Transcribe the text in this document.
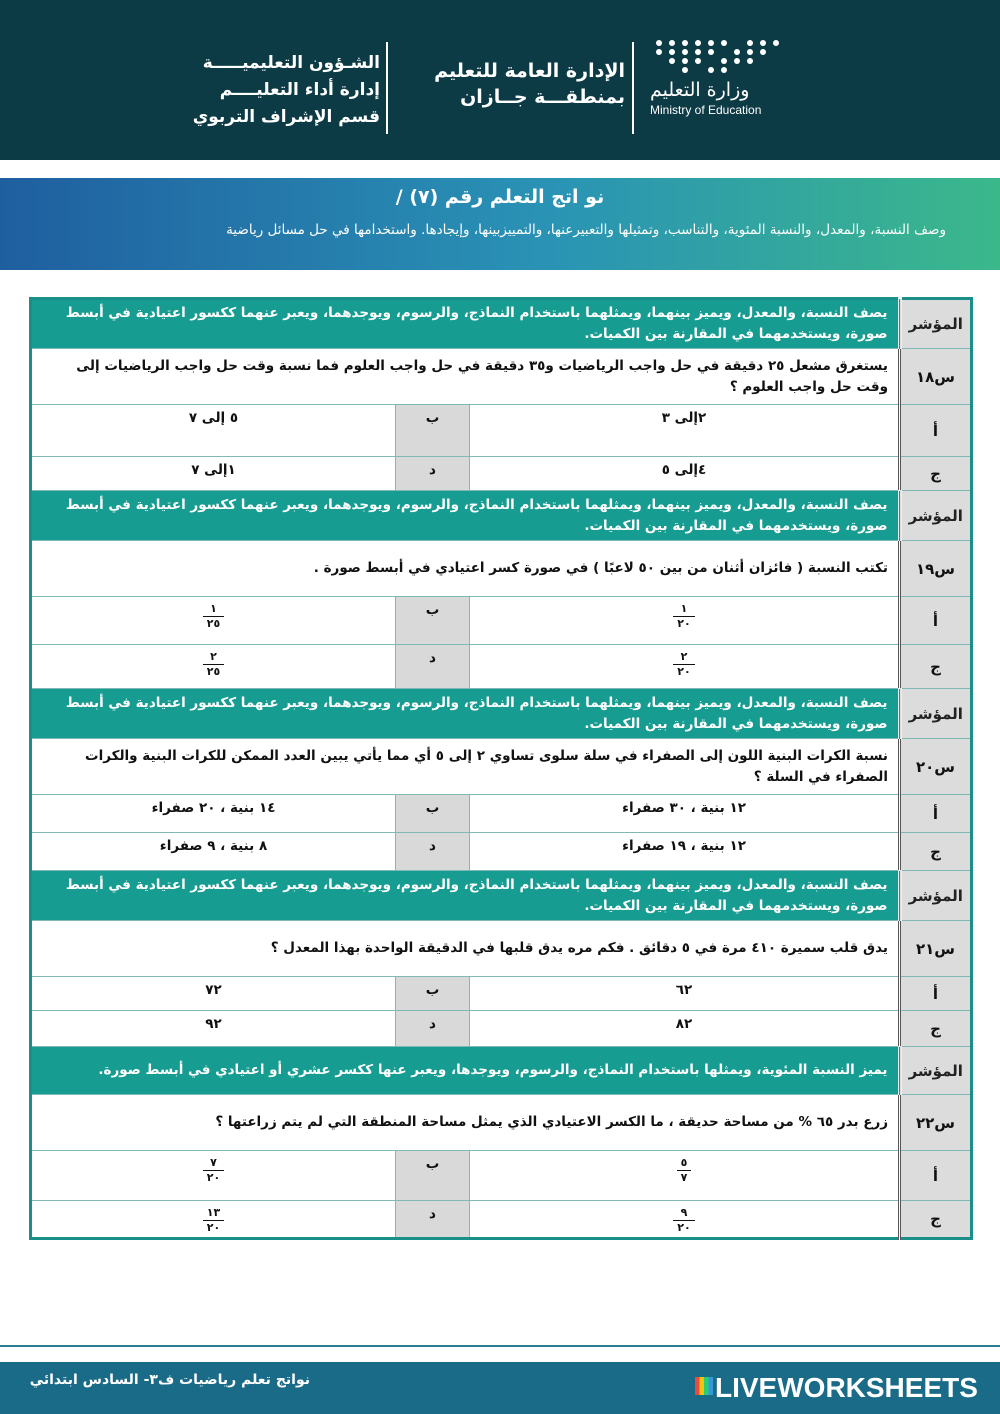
وزارة التعليم
Ministry of Education
الإدارة العامة للتعليم
بمنطقـــة جــازان
الشـؤون التعليميـــــة
إدارة أداء التعليــــم
قسم الإشراف التربوي
نو اتج التعلم رقم (٧) /
وصف النسبة، والمعدل، والنسبة المئوية، والتناسب، وتمثيلها والتعبيرعنها، والتمييزبينها، وإيجادها. واستخدامها في حل مسائل رياضية
المؤشر	يصف النسبة، والمعدل، ويميز بينهما، ويمثلهما باستخدام النماذج، والرسوم، ويوجدهما، ويعبر عنهما ككسور اعتيادية في أبسط صورة، ويستخدمهما في المقارنة بين الكميات.		
س١٨	يستغرق مشعل ٢٥ دقيقة في حل واجب الرياضيات و٣٥ دقيقة في حل واجب العلوم فما نسبة وقت حل واجب الرياضيات إلى وقت حل واجب العلوم ؟		
أ	٢إلى ٣	ب	٥ إلى ٧
ج	٤إلى ٥	د	١إلى ٧
المؤشر	يصف النسبة، والمعدل، ويميز بينهما، ويمثلهما باستخدام النماذج، والرسوم، ويوجدهما، ويعبر عنهما ككسور اعتيادية في أبسط صورة، ويستخدمهما في المقارنة بين الكميات.		
س١٩	تكتب النسبة ( فائزان أثنان من بين ٥٠ لاعبًا ) في صورة كسر اعتيادي في أبسط صورة .		
أ	$\frac{١}{٢٠}$	ب	$\frac{١}{٢٥}$

ج	$\frac{٢}{٢٠}$	د	$\frac{٢}{٢٥}$

المؤشر	يصف النسبة، والمعدل، ويميز بينهما، ويمثلهما باستخدام النماذج، والرسوم، ويوجدهما، ويعبر عنهما ككسور اعتيادية في أبسط صورة، ويستخدمهما في المقارنة بين الكميات.		
س٢٠	نسبة الكرات البنية اللون إلى الصفراء في سلة سلوى تساوي ٢ إلى ٥ أي مما يأتي يبين العدد الممكن للكرات البنية والكرات الصفراء في السلة ؟		
أ	١٢ بنية ، ٣٠ صفراء	ب	١٤ بنية ، ٢٠ صفراء
ج	١٢ بنية ، ١٩ صفراء	د	٨ بنية ، ٩ صفراء
المؤشر	يصف النسبة، والمعدل، ويميز بينهما، ويمثلهما باستخدام النماذج، والرسوم، ويوجدهما، ويعبر عنهما ككسور اعتيادية في أبسط صورة، ويستخدمهما في المقارنة بين الكميات.		
س٢١	يدق قلب سميرة ٤١٠ مرة في ٥ دقائق . فكم مره يدق قلبها في الدقيقة الواحدة بهذا المعدل ؟		
أ	٦٢	ب	٧٢
ج	٨٢	د	٩٢
المؤشر	يميز النسبة المئوية، ويمثلها باستخدام النماذج، والرسوم، ويوجدها، ويعبر عنها ككسر عشري أو اعتيادي في أبسط صورة.		
س٢٢	زرع بدر ٦٥ % من مساحة حديقة ، ما الكسر الاعتيادي الذي يمثل مساحة المنطقة التي لم يتم زراعتها ؟		
أ	$\frac{٥}{٧}$	ب	$\frac{٧}{٢٠}$

ج	$\frac{٩}{٢٠}$	د	$\frac{١٣}{٢٠}$
نواتج تعلم رياضيات ف٣- السادس ابتدائي	LIVEWORKSHEETS
